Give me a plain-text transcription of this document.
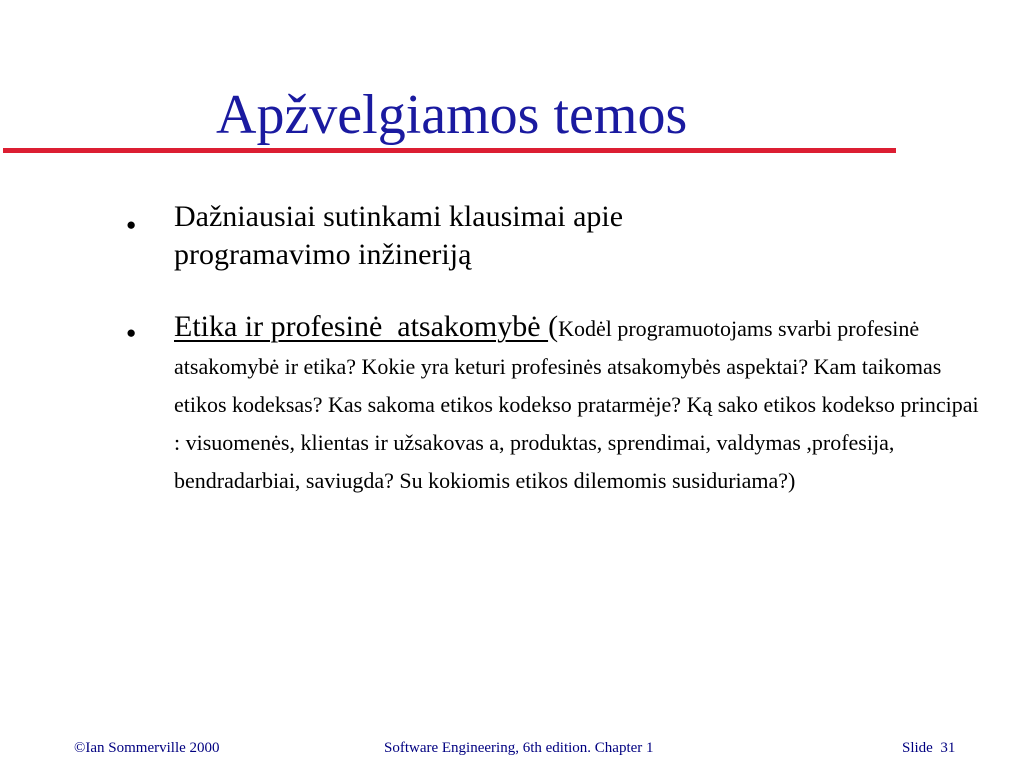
Apžvelgiamos temos
● Dažniausiai sutinkami klausimai apie programavimo inžineriją

● Etika ir profesinė  atsakomybė (Kodėl programuotojams svarbi profesinė atsakomybė ir etika? Kokie yra keturi profesinės atsakomybės aspektai? Kam taikomas etikos kodeksas? Kas sakoma etikos kodekso pratarmėje? Ką sako etikos kodekso principai : visuomenės, klientas ir užsakovas a, produktas, sprendimai, valdymas ,profesija, bendradarbiai, saviugda? Su kokiomis etikos dilemomis susiduriama?)

©Ian Sommerville 2000	Software Engineering, 6th edition. Chapter 1	Slide  31
